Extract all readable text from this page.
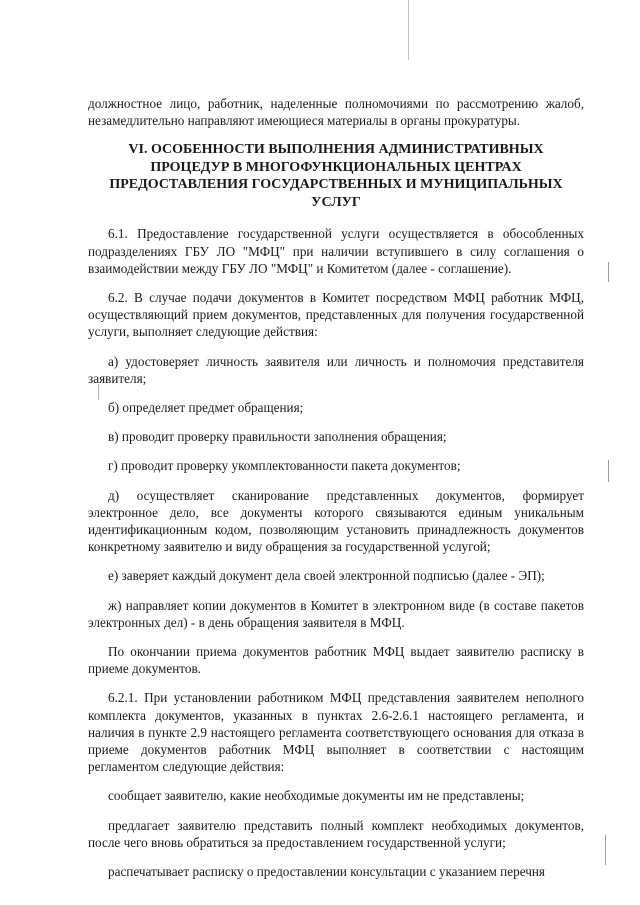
должностное лицо, работник, наделенные полномочиями по рассмотрению жалоб, незамедлительно направляют имеющиеся материалы в органы прокуратуры.

VI. ОСОБЕННОСТИ ВЫПОЛНЕНИЯ АДМИНИСТРАТИВНЫХ ПРОЦЕДУР В МНОГОФУНКЦИОНАЛЬНЫХ ЦЕНТРАХ ПРЕДОСТАВЛЕНИЯ ГОСУДАРСТВЕННЫХ И МУНИЦИПАЛЬНЫХ УСЛУГ

6.1. Предоставление государственной услуги осуществляется в обособленных подразделениях ГБУ ЛО "МФЦ" при наличии вступившего в силу соглашения о взаимодействии между ГБУ ЛО "МФЦ" и Комитетом (далее - соглашение).

6.2. В случае подачи документов в Комитет посредством МФЦ работник МФЦ, осуществляющий прием документов, представленных для получения государственной услуги, выполняет следующие действия:

а) удостоверяет личность заявителя или личность и полномочия представителя заявителя;

б) определяет предмет обращения;

в) проводит проверку правильности заполнения обращения;

г) проводит проверку укомплектованности пакета документов;

д) осуществляет сканирование представленных документов, формирует электронное дело, все документы которого связываются единым уникальным идентификационным кодом, позволяющим установить принадлежность документов конкретному заявителю и виду обращения за государственной услугой;

е) заверяет каждый документ дела своей электронной подписью (далее - ЭП);

ж) направляет копии документов в Комитет в электронном виде (в составе пакетов электронных дел) - в день обращения заявителя в МФЦ.

По окончании приема документов работник МФЦ выдает заявителю расписку в приеме документов.

6.2.1. При установлении работником МФЦ представления заявителем неполного комплекта документов, указанных в пунктах 2.6-2.6.1 настоящего регламента, и наличия в пункте 2.9 настоящего регламента соответствующего основания для отказа в приеме документов работник МФЦ выполняет в соответствии с настоящим регламентом следующие действия:

сообщает заявителю, какие необходимые документы им не представлены;

предлагает заявителю представить полный комплект необходимых документов, после чего вновь обратиться за предоставлением государственной услуги;

распечатывает расписку о предоставлении консультации с указанием перечня
